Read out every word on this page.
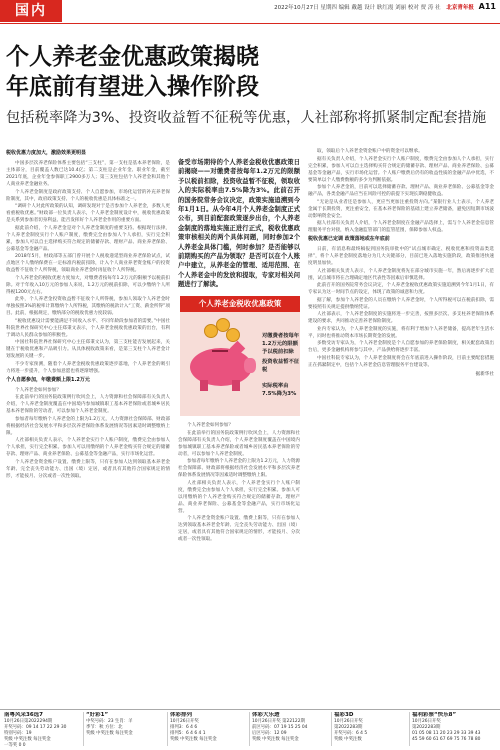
国内	2022年10月27日 星期四 编辑 戴越 设计 耿红霞 刘丽 校对 贾 涛 社 北京青年报 A11
个人养老金优惠政策揭晓
年底前有望进入操作阶段
包括税率降为3%、投资收益暂不征税等优惠，人社部称将抓紧制定配套措施
税收优惠力度加大，激励效果更明显

中国多层次养老保险体系主要包括“三支柱”，第一支柱是基本养老保险，是主体部分，目前覆盖人数已达10.4亿；第二支柱是企业年金、职业年金，截至2021年底，企业年金参保职工2900多万人；第三支柱包括个人养老金和其他个人商业养老金融业务。

个人养老金制度是政府政策支持、个人自愿参加，市场化运营的补充养老保险制度，其中，政府政策支持、个人的税收优惠是具体标准之一。

“调研个人对此所政策的认知，调研发现对于是否参加个人养老金，多数人更看重税收优惠。”财政部一位负责人表示，个人养老金制度设计中，税收优惠政策是关系到参加者切身利益、能否发挥好个人养老金作用的重要方面。

据此前介绍，个人养老金是对个人养老金制度的重要支持。根据现行法律，个人养老金制度实行个人账户制度，缴费完全由参加人个人承担，实行完全积累，参加人可以自主选择购买符合规定的储蓄存款、理财产品、商业养老保险、公募基金等金融产品。

2018年5月，财政部等五部门曾开展个人税收递延型商业养老保险试点，试点地区个人缴纳保费在一定标准内税前扣除，计入个人商业养老资金账户的投资收益暂不征收个人所得税，领取商业养老金时再征收个人所得税。

个人养老金的税收优惠力度加大，对缴费者按每年1.2万元的限额予以税前扣除。对于年收入10万元的参加人来说，1.2万元的税前扣除，可以少缴纳个人所得税1200元左右。

此外，个人养老金投资收益暂不征收个人所得税，参加人领取个人养老金时单独按照3%的税率计算缴纳个人所得税，其缴纳的税款计入“工资、薪金所得”项目。此前，根据规定，缴纳部分的税收优惠力度较弱。

“税收优惠设计需要能满足不同收入水平、不同年龄段参加者的需要。”中国社科院世界社保研究中心主任郑秉文表示，个人养老金税收优惠政策的出台，有利于调动人民群众参加的积极性。

中国社科院世界社保研究中心主任郑秉文认为，第三支柱能否发展起来，关键在于税收优惠和产品吸引力。从具体税收政策来看，是第三支柱个人养老金计划发展的关键一步。

不少专家预测，随着个人养老金税收优惠政策逐步落地，个人养老金的吸引力将进一步提升，个人参加意愿也将逐渐增强。

个人自愿参加，年缴费额上限1.2万元

个人养老金如何参加？

在此前举行的国务院政策例行吹风会上，人力资源和社会保障部有关负责人介绍，个人养老金制度覆盖在中国境内参加城镇职工基本养老保险或者城乡居民基本养老保险的劳动者，可以参加个人养老金制度。

参加者每年缴纳个人养老金的上限为1.2万元，人力资源社会保障部、财政部将根据经济社会发展水平和多层次养老保险体系发展情况等因素适时调整缴纳上限。

人社部相关负责人表示，个人养老金实行个人账户制度，缴费完全由参加人个人承担，实行完全积累。参加人可以用缴纳的个人养老金购买符合规定的储蓄存款、理财产品、商业养老保险、公募基金等金融产品，实行市场化运营。

个人养老金资金账户设置、缴费上限等，只有在参加人达到领取基本养老金年龄、完全丧失劳动能力、出国（境）定居，或者具有其他符合国家规定的情形，才能按月、分次或者一次性领取。

备受市场期待的个人养老金税收优惠政策日前揭晓——对缴费者按每年1.2万元的限额予以税前扣除，投资收益暂不征税，领取收入的实际税率由7.5%降为3%。此前召开的国务院常务会议决定，政策实施追溯到今年1月1日。从今年4月个人养老金制度正式公布，到目前配套政策逐步出台，个人养老金制度的落地实施正进行正式，税收优惠政策审核相关的两个具体问题，同时参加2个人养老金具体门槛，何时参加？是否能够以前期购买的产品为领取？是否可以在个人账户中建立，从养老金的管理、适用范围、在个人养老金中的发放和提取，专家对相关问题进行了解读。
个人养老金税收优惠政策
对缴费者按每年1.2万元的限额予以税前扣除
投资收益暂不征税
实际税率由7.5%降为3%

个人养老金如何参加？

在此前举行的国务院政策例行吹风会上，人力资源和社会保障部有关负责人介绍，个人养老金制度覆盖在中国境内参加城镇职工基本养老保险或者城乡居民基本养老保险的劳动者，可以参加个人养老金制度。

参加者每年缴纳个人养老金的上限为1.2万元，人力资源社会保障部、财政部将根据经济社会发展水平和多层次养老保险体系发展情况等因素适时调整缴纳上限。

人社部相关负责人表示，个人养老金实行个人账户制度，缴费完全由参加人个人承担，实行完全积累。参加人可以用缴纳的个人养老金购买符合规定的储蓄存款、理财产品、商业养老保险、公募基金等金融产品，实行市场化运营。

个人养老金资金账户设置、缴费上限等，只有在参加人达到领取基本养老金年龄、完全丧失劳动能力、出国（境）定居，或者具有其他符合国家规定的情形，才能按月、分次或者一次性领取。

取，领取后个人养老金资金账户中的资金可以继承。

据有关负责人介绍，个人养老金实行个人账户制度，缴费完全由参加人个人承担，实行完全积累，参加人可以自主选择购买符合规定的储蓄存款、理财产品、商业养老保险、公募基金等金融产品，实行市场化运营。个人账户缴费后仍有的收益性质的金融产品中优选，不要简单以个人缴费数额的多少为判断依据。

参加个人养老金的，目前可以选择储蓄存款、理财产品、商业养老保险、公募基金等金融产品，各类金融产品应当在风险可控的前提下实现长期稳健收益。

“无论是从业者还是参加人，更应当更加注重投资方向。”某银行业人士表示，个人养老金属于长期投资，更注重安全，在基本养老保险的基础上建立养老储备，避免因短期市场波动影响资金安全。

据人社部有关负责人介绍，个人养老金制度在金融产品选择上，需与个人养老金信息管理服务平台对接，纳入金融监管部门的监管范围，保障参加人权益。

税收优惠已定调 政策落地或在年底前

日前，有消息称最终稿报到国务院审批中的“试点城市确定、税收优惠和投资品类选择”，将个人养老金制度落地分为几大关键部分，目前已进入落地实施阶段，政策推进快速度明显加快。

人社部相关负责人表示，个人养老金制度将先在部分城市实施一年，然后再逐步扩大范围，试点城市将在合理确定地区代表性等因素后审慎选择。

此前召开的国务院常务会议决定，个人养老金税收优惠政策实施追溯到今年1月1日，有专家认为这一时间节点的设定，体现了政策的诚意和力度。

据了解，参加个人养老金的人员在缴纳个人养老金时，个人所得税可以在税前扣除，需要按照有关规定提供缴纳凭证。

人社部表示，个人养老金制度的实施将进一步完善，按照多层次、多支柱养老保险体系建设的要求，共同推动完善养老保险制度。

业内专家认为，个人养老金制度的实施，将有利于增加个人养老储备，提高老年生活水平，同时也将推动资本市场长期资金的发展。

多数受访专家认为，个人养老金制度是个人自愿参加的养老保险制度，相关配套政策出台后，更多金融机构将参与其中，产品供给将逐步丰富。

中国社科院专家认为，个人养老金制度将会在年底前进入操作阶段，目前主要配套措施正在抓紧制定中，包括个人养老金信息管理服务平台建设等。

据新华社

南粤风采36选7
10月26日第2022294期
开奖号码：09 14 17 22 29 30
特别号码：19
奖级 中奖注数 每注奖金
一等奖 0 0
“好彩1”
中奖号码：23 生肖：羊
季节：秋 方位：北
奖级 中奖注数 每注奖金
体彩排列
10月26日开奖
排列3：6 4 6
排列5：6 4 6 4 1
奖级 中奖注数 每注奖金
体彩大乐透
10月26日开奖 第22122期
前区号码：07 19 15 25 04
后区号码：12 09
奖级 中奖注数 每注奖金
福彩3D
10月26日开奖
第2022283期
开奖号码：6 4 5
奖级 中奖注数
福利彩票“快乐8”
10月26日开奖
第2022283期
01 05 08 11 20 23 29 33 39 43
45 59 60 61 67 69 75 76 78 80
